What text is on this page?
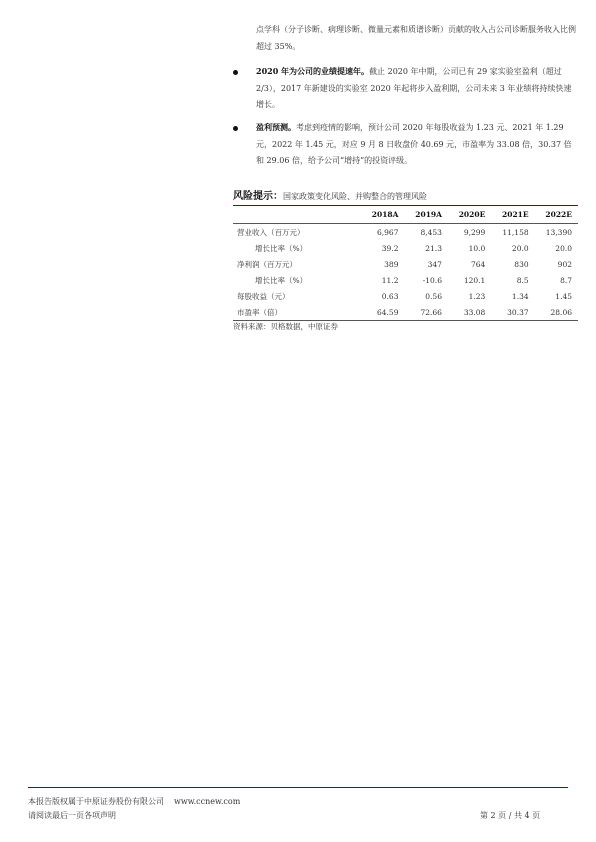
点学科（分子诊断、病理诊断、微量元素和质谱诊断）贡献的收入占公司诊断服务收入比例超过 35%。
2020 年为公司的业绩提速年。截止 2020 年中期，公司已有 29 家实验室盈利（超过 2/3），2017 年新建设的实验室 2020 年起将步入盈利期，公司未来 3 年业绩将持续快速增长。
盈利预测。考虑到疫情的影响，预计公司 2020 年每股收益为 1.23 元、2021 年 1.29 元，2022 年 1.45 元，对应 9 月 8 日收盘价 40.69 元，市盈率为 33.08 倍，30.37 倍和 29.06 倍，给予公司“增持”的投资评级。
风险提示：国家政策变化风险、并购整合的管理风险
	2018A	2019A	2020E	2021E	2022E
营业收入（百万元）	6,967	8,453	9,299	11,158	13,390
增长比率（%）	39.2	21.3	10.0	20.0	20.0
净利润（百万元）	389	347	764	830	902
增长比率（%）	11.2	-10.6	120.1	8.5	8.7
每股收益（元）	0.63	0.56	1.23	1.34	1.45
市盈率（倍）	64.59	72.66	33.08	30.37	28.06
资料来源：贝格数据，中原证券
本报告版权属于中原证券股份有限公司 www.ccnew.com
请阅读最后一页各项声明	第 2 页 / 共 4 页
